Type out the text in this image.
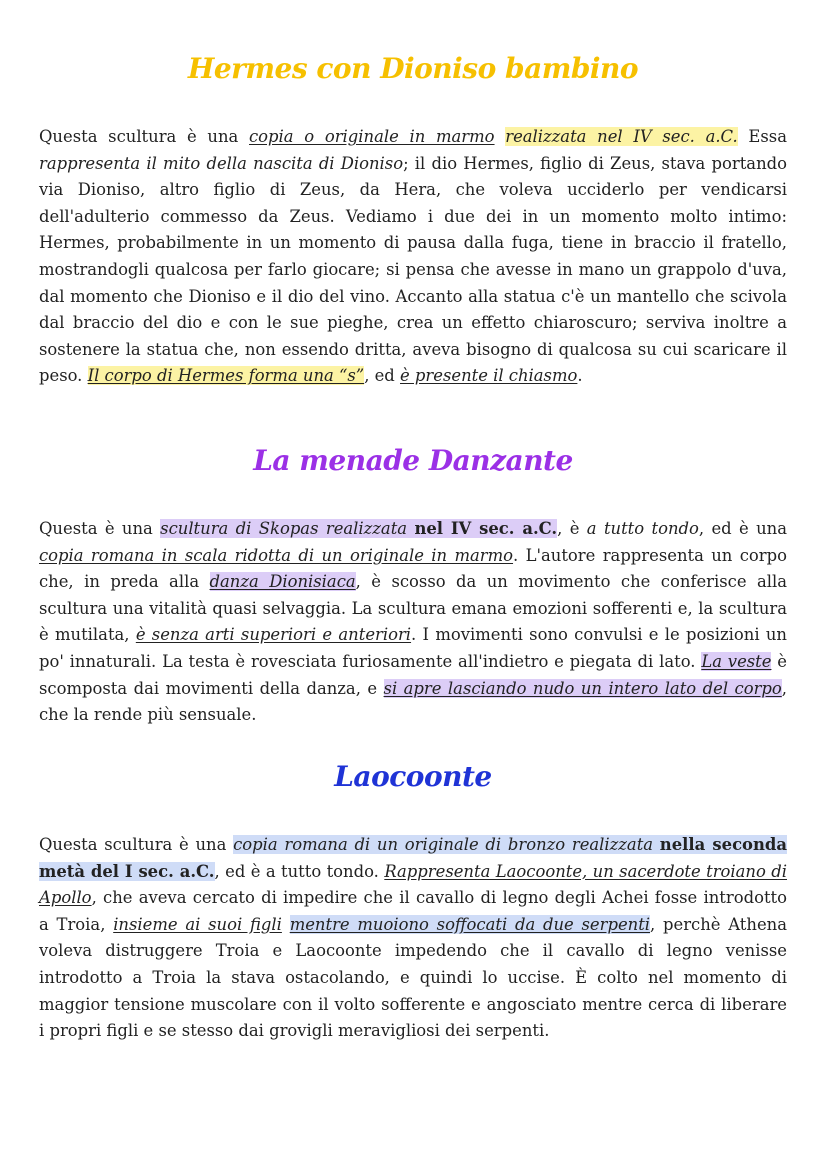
Hermes con Dioniso bambino

Questa scultura è una copia o originale in marmo realizzata nel IV sec. a.C. Essa rappresenta il mito della nascita di Dioniso; il dio Hermes, figlio di Zeus, stava portando via Dioniso, altro figlio di Zeus, da Hera, che voleva ucciderlo per vendicarsi dell'adulterio commesso da Zeus. Vediamo i due dei in un momento molto intimo: Hermes, probabilmente in un momento di pausa dalla fuga, tiene in braccio il fratello, mostrandogli qualcosa per farlo giocare; si pensa che avesse in mano un grappolo d'uva, dal momento che Dioniso e il dio del vino. Accanto alla statua c'è un mantello che scivola dal braccio del dio e con le sue pieghe, crea un effetto chiaroscuro; serviva inoltre a sostenere la statua che, non essendo dritta, aveva bisogno di qualcosa su cui scaricare il peso. Il corpo di Hermes forma una “s”, ed è presente il chiasmo.

La menade Danzante

Questa è una scultura di Skopas realizzata nel IV sec. a.C., è a tutto tondo, ed è una copia romana in scala ridotta di un originale in marmo. L'autore rappresenta un corpo che, in preda alla danza Dionisiaca, è scosso da un movimento che conferisce alla scultura una vitalità quasi selvaggia. La scultura emana emozioni sofferenti e, la scultura è mutilata, è senza arti superiori e anteriori. I movimenti sono convulsi e le posizioni un po' innaturali. La testa è rovesciata furiosamente all'indietro e piegata di lato. La veste è scomposta dai movimenti della danza, e si apre lasciando nudo un intero lato del corpo, che la rende più sensuale.

Laocoonte

Questa scultura è una copia romana di un originale di bronzo realizzata nella seconda metà del I sec. a.C., ed è a tutto tondo. Rappresenta Laocoonte, un sacerdote troiano di Apollo, che aveva cercato di impedire che il cavallo di legno degli Achei fosse introdotto a Troia, insieme ai suoi figli mentre muoiono soffocati da due serpenti, perchè Athena voleva distruggere Troia e Laocoonte impedendo che il cavallo di legno venisse introdotto a Troia la stava ostacolando, e quindi lo uccise. È colto nel momento di maggior tensione muscolare con il volto sofferente e angosciato mentre cerca di liberare i propri figli e se stesso dai grovigli meravigliosi dei serpenti.
